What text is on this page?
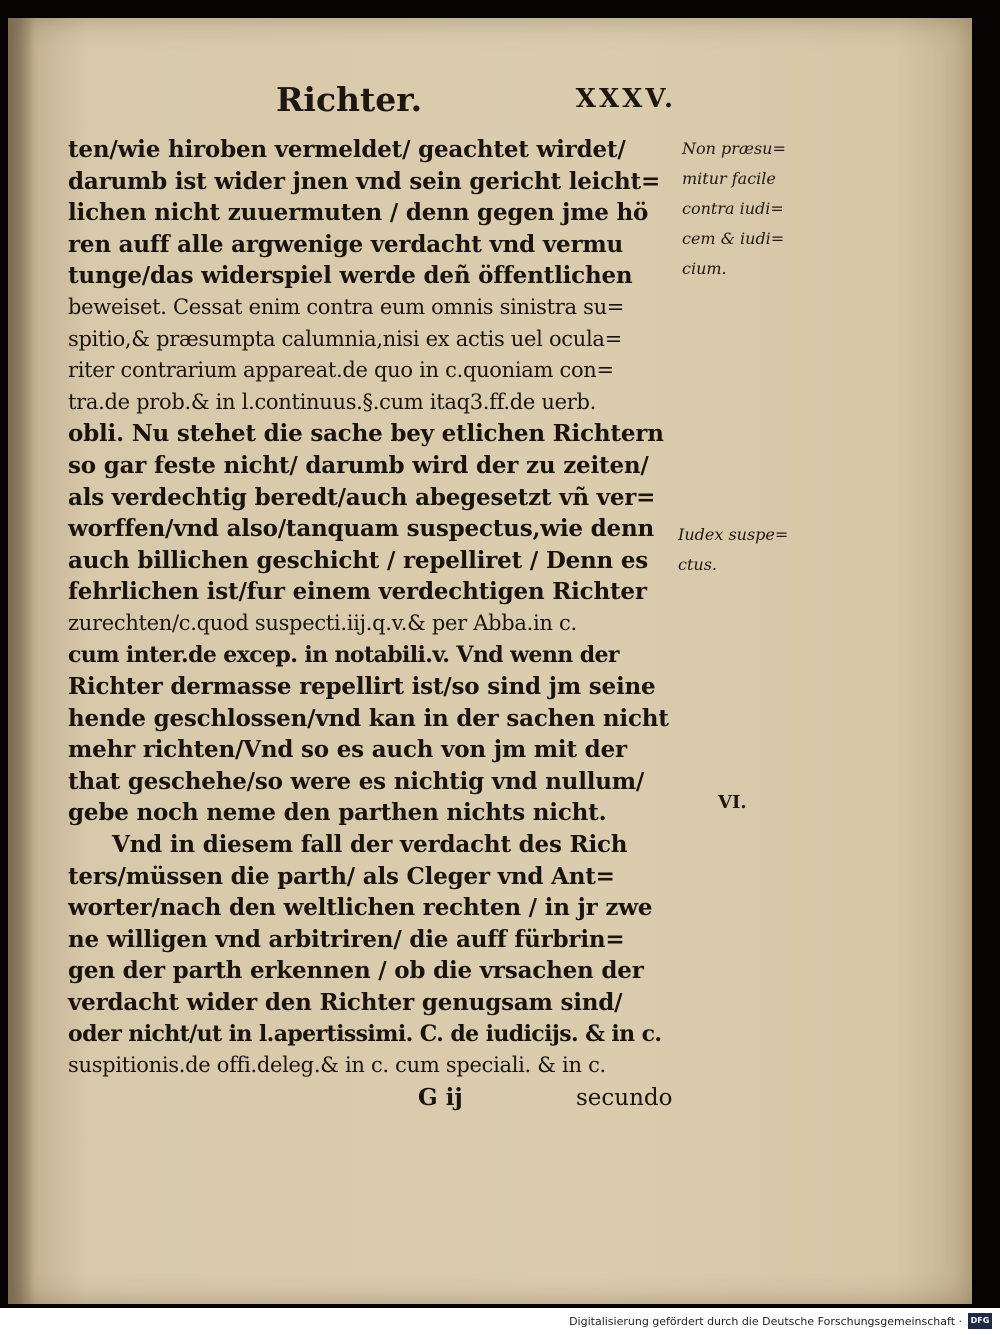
Richter.	XXXV.
ten/wie hiroben vermeldet/ geachtet wirdet/
darumb ist wider jnen vnd sein gericht leicht=
lichen nicht zuuermuten / denn gegen jme hö
ren auff alle argwenige verdacht vnd vermu
tunge/das widerspiel werde deñ öffentlichen
beweiset. Cessat enim contra eum omnis sinistra su=
spitio,& præsumpta calumnia,nisi ex actis uel ocula=
riter contrarium appareat.de quo in c.quoniam con=
tra.de prob.& in l.continuus.§.cum itaq3.ff.de uerb.
obli. Nu stehet die sache bey etlichen Richtern
so gar feste nicht/ darumb wird der zu zeiten/
als verdechtig beredt/auch abegesetzt vñ ver=
worffen/vnd also/tanquam suspectus,wie denn
auch billichen geschicht / repelliret / Denn es
fehrlichen ist/fur einem verdechtigen Richter
zurechten/c.quod suspecti.iij.q.v.& per Abba.in c.
cum inter.de excep. in notabili.v. Vnd wenn der
Richter dermasse repellirt ist/so sind jm seine
hende geschlossen/vnd kan in der sachen nicht
mehr richten/Vnd so es auch von jm mit der
that geschehe/so were es nichtig vnd nullum/
gebe noch neme den parthen nichts nicht.
Vnd in diesem fall der verdacht des Rich
ters/müssen die parth/ als Cleger vnd Ant=
worter/nach den weltlichen rechten / in jr zwe
ne willigen vnd arbitriren/ die auff fürbrin=
gen der parth erkennen / ob die vrsachen der
verdacht wider den Richter genugsam sind/
oder nicht/ut in l.apertissimi. C. de iudicijs. & in c.
suspitionis.de offi.deleg.& in c. cum speciali. & in c.
G ij	secundo
Non præsu=
mitur facile
contra iudi=
cem & iudi=
cium.
Iudex suspe=
ctus.
VI.
Digitalisierung gefördert durch die Deutsche Forschungsgemeinschaft ·	DFG
